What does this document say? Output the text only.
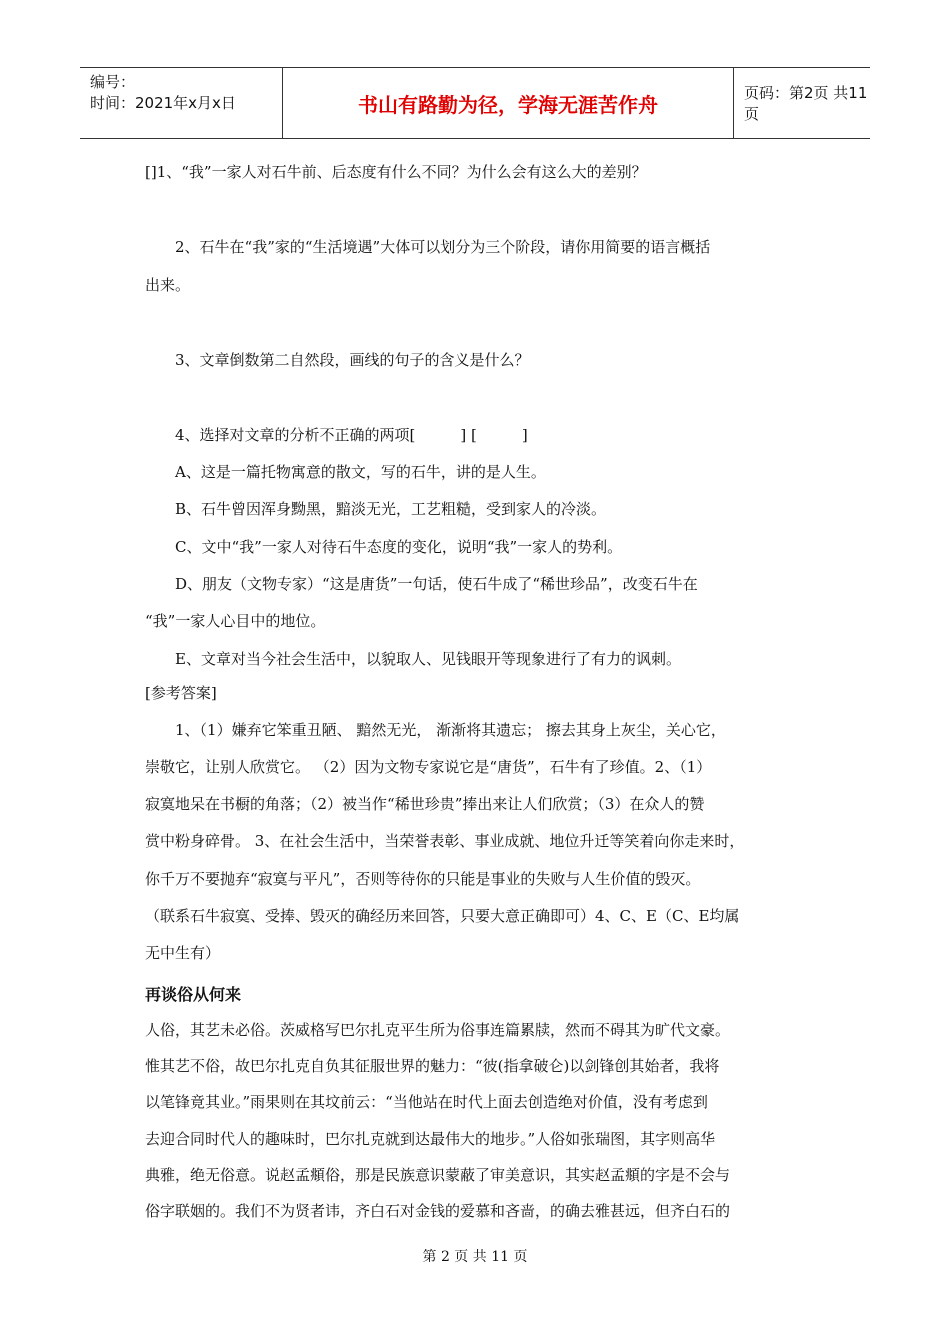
编号：
时间：2021年x月x日	书山有路勤为径，学海无涯苦作舟	页码：第2页 共11页
[]1、“我”一家人对石牛前、后态度有什么不同？为什么会有这么大的差别？
　　2、石牛在“我”家的“生活境遇”大体可以划分为三个阶段，请你用简要的语言概括
出来。
　　3、文章倒数第二自然段，画线的句子的含义是什么？
　　4、选择对文章的分析不正确的两项[　　　] [　　　]
　　A、这是一篇托物寓意的散文，写的石牛，讲的是人生。
　　B、石牛曾因浑身黝黑，黯淡无光，工艺粗糙，受到家人的冷淡。
　　C、文中“我”一家人对待石牛态度的变化，说明“我”一家人的势利。
　　D、朋友（文物专家）“这是唐货”一句话，使石牛成了“稀世珍品”，改变石牛在
“我”一家人心目中的地位。
　　E、文章对当今社会生活中，以貌取人、见钱眼开等现象进行了有力的讽刺。
[参考答案]
　　1、（1）嫌弃它笨重丑陋、 黯然无光， 渐渐将其遗忘； 擦去其身上灰尘，关心它，
崇敬它，让别人欣赏它。 （2）因为文物专家说它是“唐货”，石牛有了珍值。2、（1）
寂寞地呆在书橱的角落；（2）被当作“稀世珍贵”捧出来让人们欣赏；（3）在众人的赞
赏中粉身碎骨。 3、在社会生活中，当荣誉表彰、事业成就、地位升迁等笑着向你走来时，
你千万不要抛弃“寂寞与平凡”，否则等待你的只能是事业的失败与人生价值的毁灭。
（联系石牛寂寞、受捧、毁灭的确经历来回答，只要大意正确即可）4、C、E（C、E均属
无中生有）
再谈俗从何来
人俗，其艺未必俗。茨威格写巴尔扎克平生所为俗事连篇累牍，然而不碍其为旷代文豪。
惟其艺不俗，故巴尔扎克自负其征服世界的魅力：“彼(指拿破仑)以剑锋创其始者，我将
以笔锋竟其业。”雨果则在其坟前云：“当他站在时代上面去创造绝对价值，没有考虑到
去迎合同时代人的趣味时，巴尔扎克就到达最伟大的地步。”人俗如张瑞图，其字则高华
典雅，绝无俗意。说赵孟頫俗，那是民族意识蒙蔽了审美意识，其实赵孟頫的字是不会与
俗字联姻的。我们不为贤者讳，齐白石对金钱的爱慕和吝啬，的确去雅甚远，但齐白石的
第 2 页 共 11 页
